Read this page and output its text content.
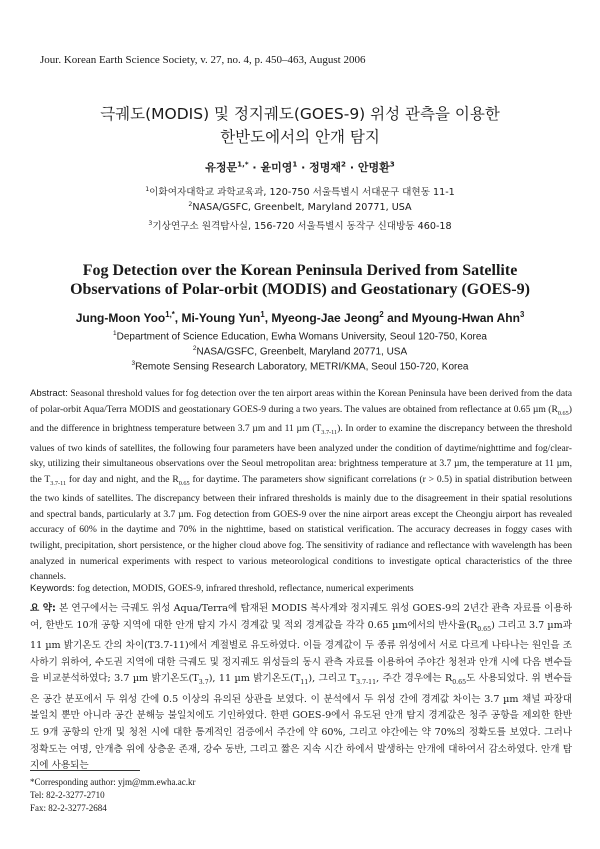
Jour. Korean Earth Science Society, v. 27, no. 4, p. 450–463, August 2006
극궤도(MODIS) 및 정지궤도(GOES-9) 위성 관측을 이용한
한반도에서의 안개 탐지
유정문$^{1,*}$ · 윤미영$^1$ · 정명재$^2$ · 안명환$^3$
$^1$이화여자대학교 과학교육과, 120-750 서울특별시 서대문구 대현동 11-1
$^2$NASA/GSFC, Greenbelt, Maryland 20771, USA
$^3$기상연구소 원격탐사실, 156-720 서울특별시 동작구 신대방동 460-18
Fog Detection over the Korean Peninsula Derived from Satellite
Observations of Polar-orbit (MODIS) and Geostationary (GOES-9)
Jung-Moon Yoo$^{1,*}$, Mi-Young Yun$^1$, Myeong-Jae Jeong$^2$ and Myoung-Hwan Ahn$^3$
$^1$Department of Science Education, Ewha Womans University, Seoul 120-750, Korea
$^2$NASA/GSFC, Greenbelt, Maryland 20771, USA
$^3$Remote Sensing Research Laboratory, METRI/KMA, Seoul 150-720, Korea

Abstract: Seasonal threshold values for fog detection over the ten airport areas within the Korean Peninsula have been derived from the data of polar-orbit Aqua/Terra MODIS and geostationary GOES-9 during a two years. The values are obtained from reflectance at 0.65 µm $(R_{0.65})$ and the difference in brightness temperature between 3.7 µm and 11 µm $(T_{3.7-11})$. In order to examine the discrepancy between the threshold values of two kinds of satellites, the following four parameters have been analyzed under the condition of daytime/nighttime and fog/clear-sky, utilizing their simultaneous observations over the Seoul metropolitan area: brightness temperature at 3.7 µm, the temperature at 11 µm, the $T_{3.7-11}$ for day and night, and the $R_{0.65}$ for daytime. The parameters show significant correlations (r > 0.5) in spatial distribution between the two kinds of satellites. The discrepancy between their infrared thresholds is mainly due to the disagreement in their spatial resolutions and spectral bands, particularly at 3.7 µm. Fog detection from GOES-9 over the nine airport areas except the Cheongju airport has revealed accuracy of 60% in the daytime and 70% in the nighttime, based on statistical verification. The accuracy decreases in foggy cases with twilight, precipitation, short persistence, or the higher cloud above fog. The sensitivity of radiance and reflectance with wavelength has been analyzed in numerical experiments with respect to various meteorological conditions to investigate optical characteristics of the three channels.

Keywords: fog detection, MODIS, GOES-9, infrared threshold, reflectance, numerical experiments

요 약: 본 연구에서는 극궤도 위성 Aqua/Terra에 탑재된 MODIS 복사계와 정지궤도 위성 GOES-9의 2년간 관측 자료를 이용하여, 한반도 10개 공항 지역에 대한 안개 탐지 가시 경계값 및 적외 경계값을 각각 0.65 µm에서의 반사율$(R_{0.65})$ 그리고 3.7 µm과 11 µm 밝기온도 간의 차이(T3.7-11)에서 계절별로 유도하였다. 이들 경계값이 두 종류 위성에서 서로 다르게 나타나는 원인을 조사하기 위하여, 수도권 지역에 대한 극궤도 및 정지궤도 위성들의 동시 관측 자료를 이용하여 주야간 청천과 안개 시에 다음 변수들을 비교분석하였다; 3.7 µm 밝기온도$(T_{3.7})$, 11 µm 밝기온도$(T_{11})$, 그리고 $T_{3.7-11}$, 주간 경우에는 $R_{0.65}$도 사용되었다. 위 변수들은 공간 분포에서 두 위성 간에 0.5 이상의 유의된 상관을 보였다. 이 분석에서 두 위성 간에 경계값 차이는 3.7 µm 채널 파장대 불일치 뿐만 아니라 공간 분해능 불일치에도 기인하였다. 한편 GOES-9에서 유도된 안개 탐지 경계값은 청주 공항을 제외한 한반도 9개 공항의 안개 및 청천 시에 대한 통계적인 검증에서 주간에 약 60%, 그리고 야간에는 약 70%의 정확도를 보였다. 그러나 정확도는 여명, 안개층 위에 상층운 존재, 강수 동반, 그리고 짧은 지속 시간 하에서 발생하는 안개에 대하여서 감소하였다. 안개 탐지에 사용되는

*Corresponding author: yjm@mm.ewha.ac.kr
Tel: 82-2-3277-2710
Fax: 82-2-3277-2684
